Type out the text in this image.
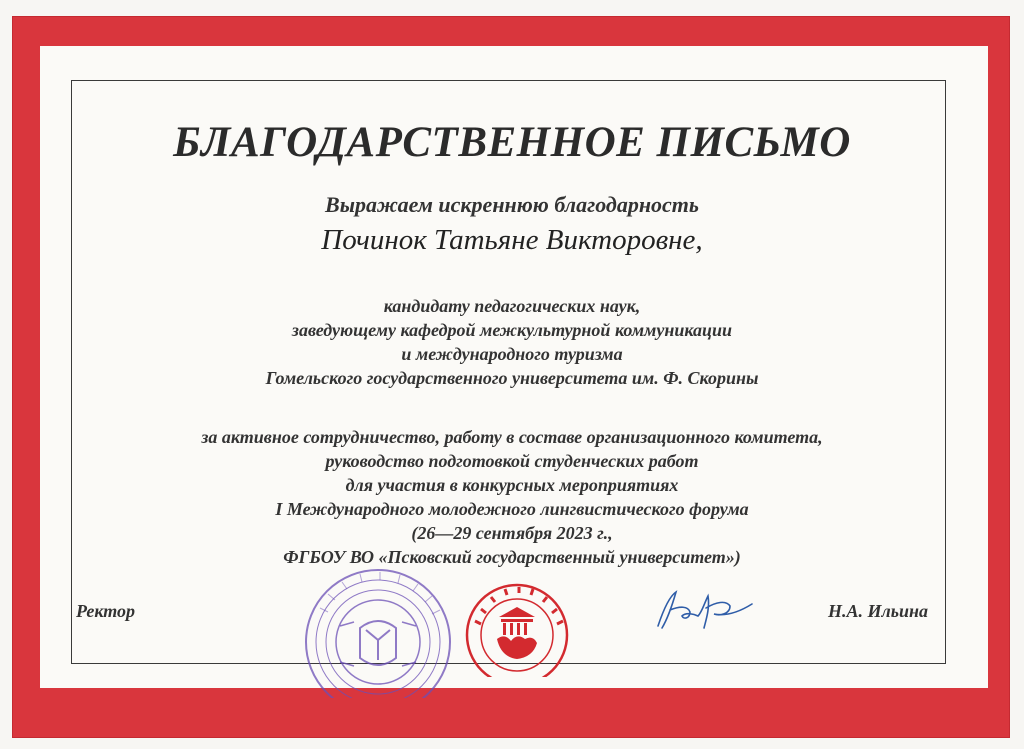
БЛАГОДАРСТВЕННОЕ ПИСЬМО
Выражаем искреннюю благодарность
Починок Татьяне Викторовне,
кандидату педагогических наук,
заведующему кафедрой межкультурной коммуникации
и международного туризма
Гомельского государственного университета им. Ф. Скорины
за активное сотрудничество, работу в составе организационного комитета,
руководство подготовкой студенческих работ
для участия в конкурсных мероприятиях
I Международного молодежного лингвистического форума
(26—29 сентября 2023 г.,
ФГБОУ ВО «Псковский государственный университет»)
Ректор	Н.А. Ильина
